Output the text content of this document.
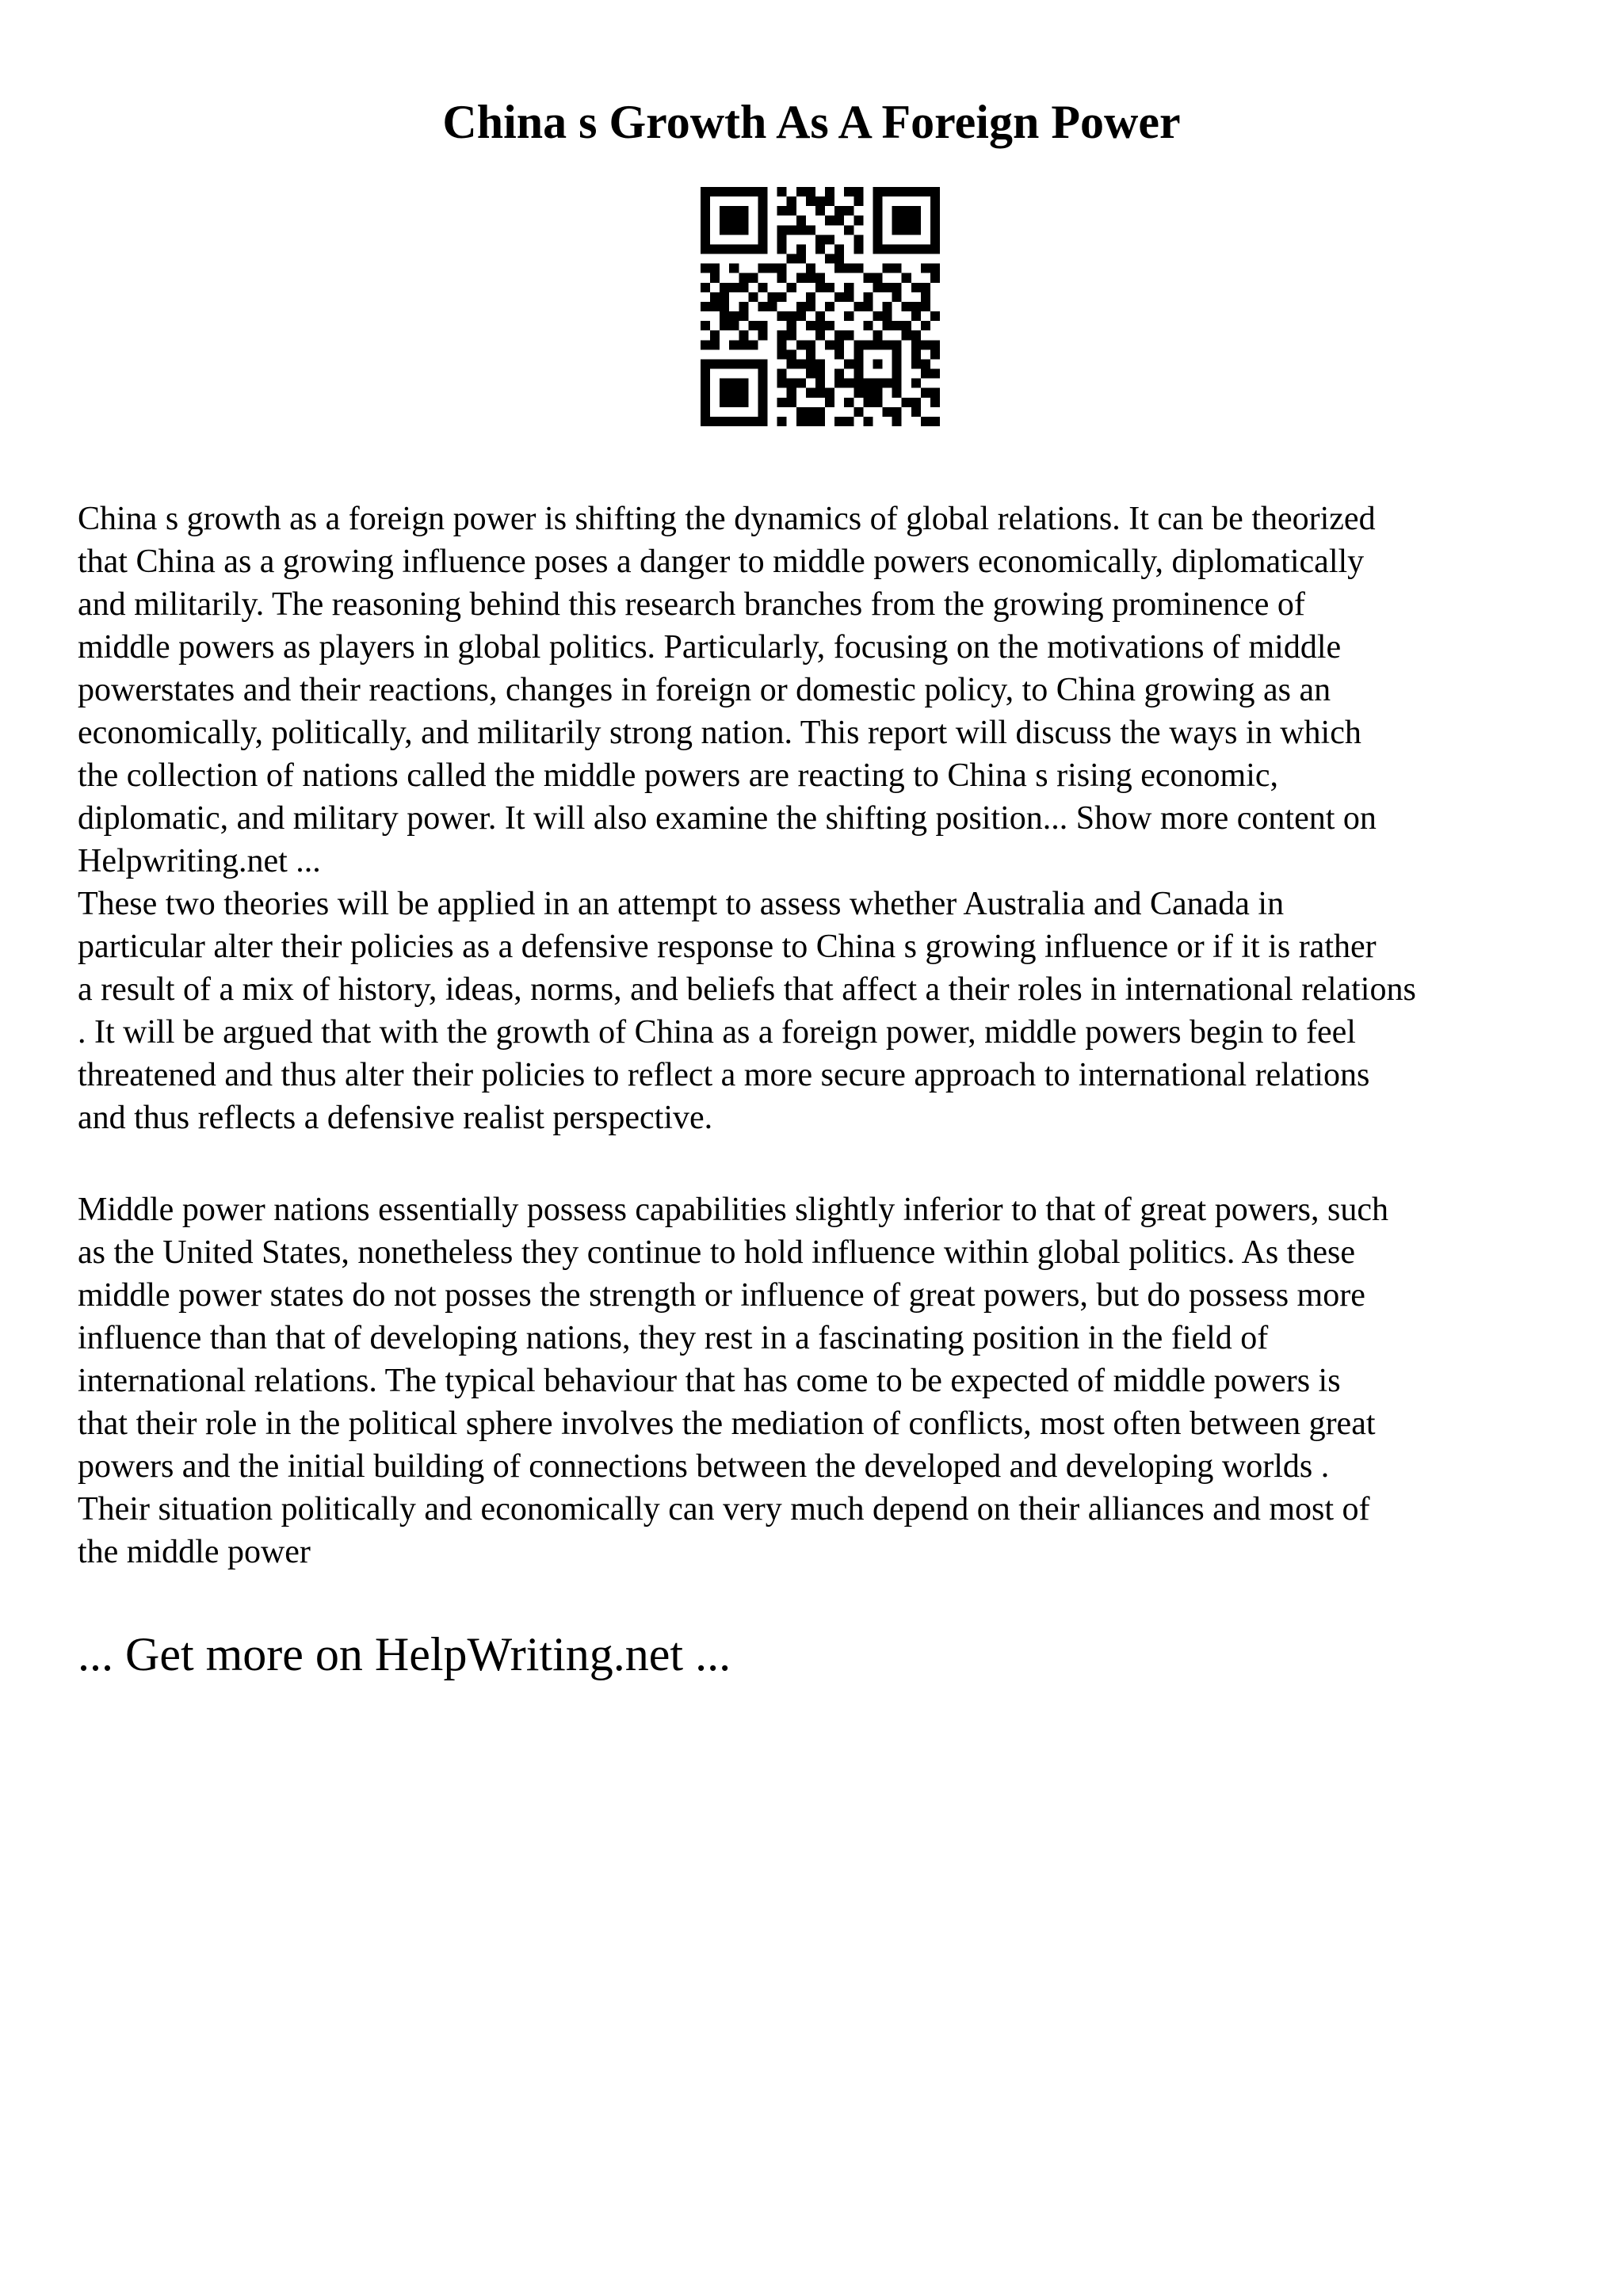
China s Growth As A Foreign Power
China s growth as a foreign power is shifting the dynamics of global relations. It can be theorized
that China as a growing influence poses a danger to middle powers economically, diplomatically
and militarily. The reasoning behind this research branches from the growing prominence of
middle powers as players in global politics. Particularly, focusing on the motivations of middle
powerstates and their reactions, changes in foreign or domestic policy, to China growing as an
economically, politically, and militarily strong nation. This report will discuss the ways in which
the collection of nations called the middle powers are reacting to China s rising economic,
diplomatic, and military power. It will also examine the shifting position... Show more content on
Helpwriting.net ...
These two theories will be applied in an attempt to assess whether Australia and Canada in
particular alter their policies as a defensive response to China s growing influence or if it is rather
a result of a mix of history, ideas, norms, and beliefs that affect a their roles in international relations
. It will be argued that with the growth of China as a foreign power, middle powers begin to feel
threatened and thus alter their policies to reflect a more secure approach to international relations
and thus reflects a defensive realist perspective.
Middle power nations essentially possess capabilities slightly inferior to that of great powers, such
as the United States, nonetheless they continue to hold influence within global politics. As these
middle power states do not posses the strength or influence of great powers, but do possess more
influence than that of developing nations, they rest in a fascinating position in the field of
international relations. The typical behaviour that has come to be expected of middle powers is
that their role in the political sphere involves the mediation of conflicts, most often between great
powers and the initial building of connections between the developed and developing worlds .
Their situation politically and economically can very much depend on their alliances and most of
the middle power
... Get more on HelpWriting.net ...
